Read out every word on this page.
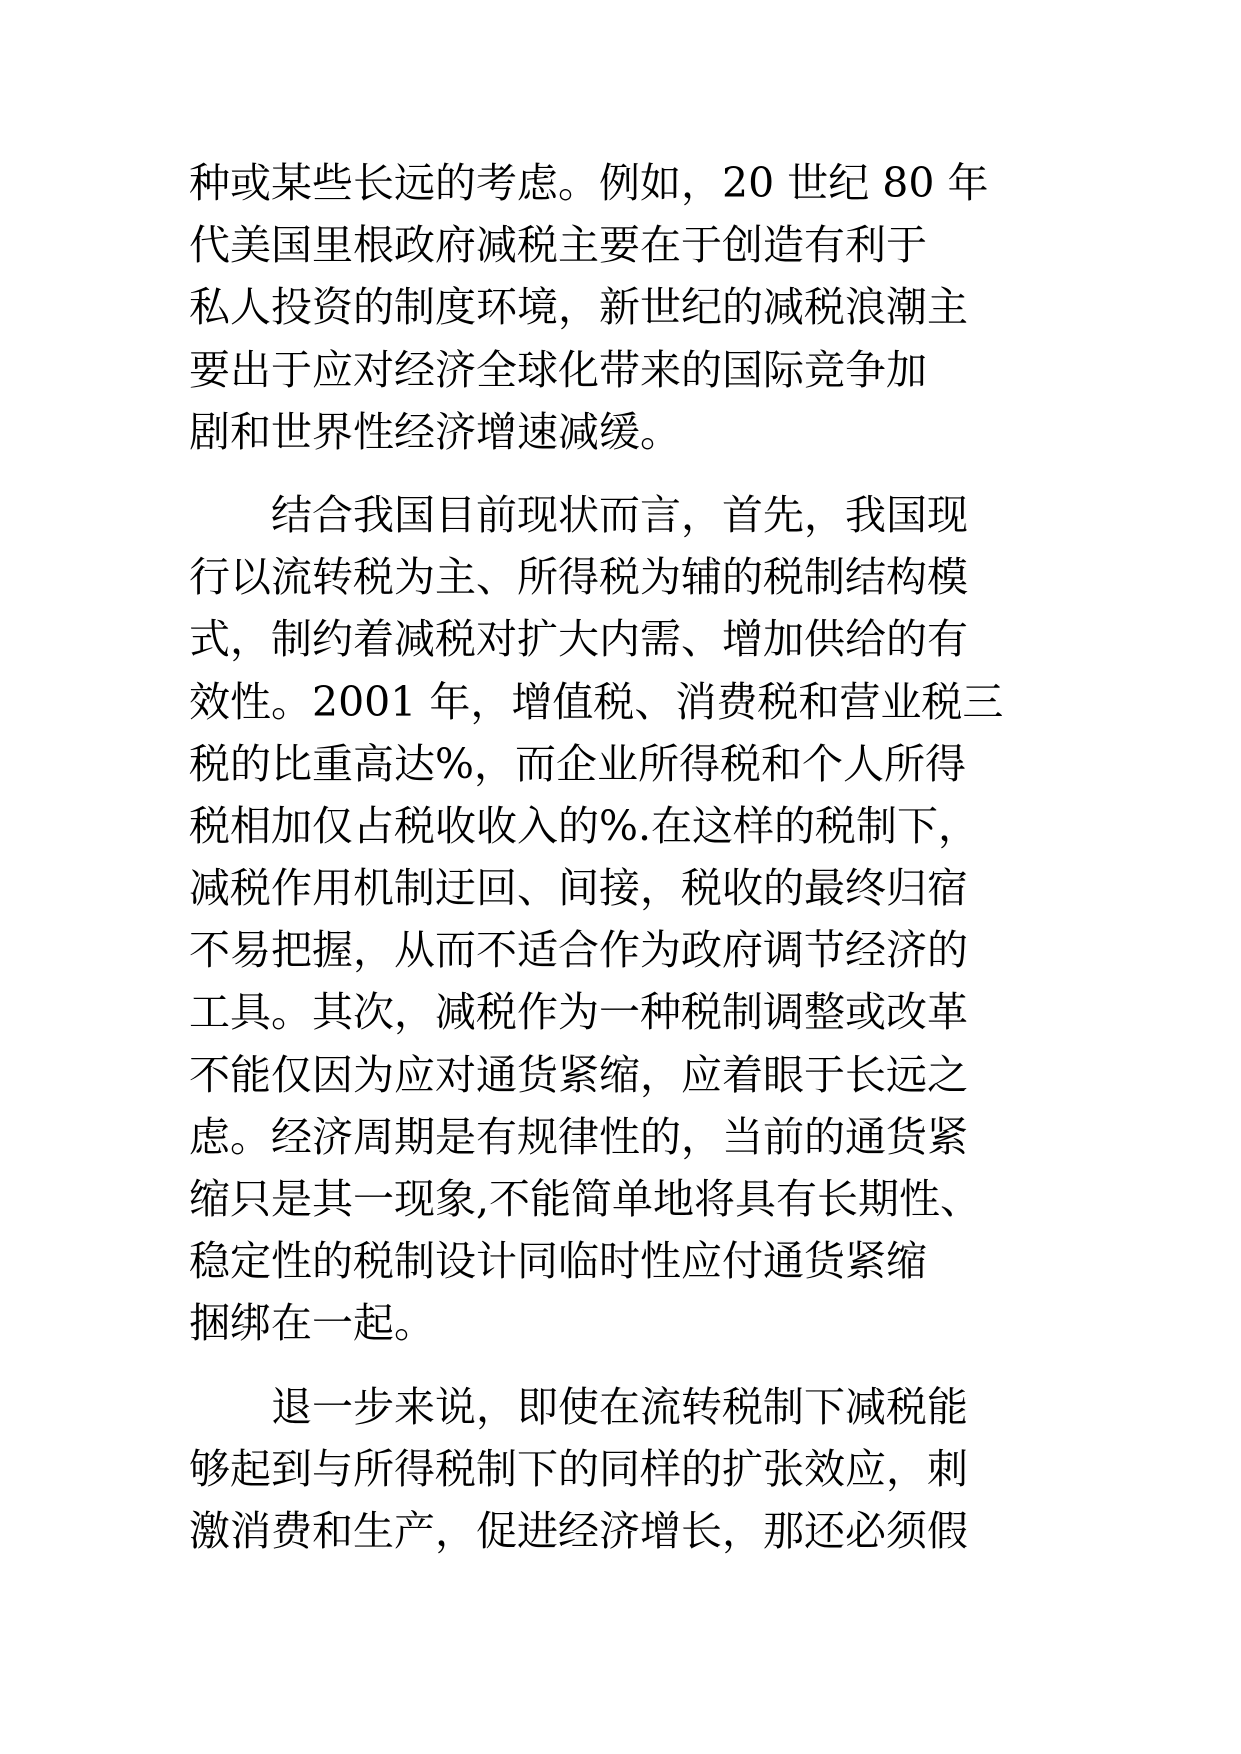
种或某些长远的考虑。例如，20 世纪 80 年
代美国里根政府减税主要在于创造有利于
私人投资的制度环境，新世纪的减税浪潮主
要出于应对经济全球化带来的国际竞争加
剧和世界性经济增速减缓。
　　结合我国目前现状而言，首先，我国现
行以流转税为主、所得税为辅的税制结构模
式，制约着减税对扩大内需、增加供给的有
效性。2001 年，增值税、消费税和营业税三
税的比重高达%，而企业所得税和个人所得
税相加仅占税收收入的%.在这样的税制下，
减税作用机制迂回、间接，税收的最终归宿
不易把握，从而不适合作为政府调节经济的
工具。其次，减税作为一种税制调整或改革
不能仅因为应对通货紧缩，应着眼于长远之
虑。经济周期是有规律性的，当前的通货紧
缩只是其一现象,不能简单地将具有长期性、
稳定性的税制设计同临时性应付通货紧缩
捆绑在一起。
　　退一步来说，即使在流转税制下减税能
够起到与所得税制下的同样的扩张效应，刺
激消费和生产，促进经济增长，那还必须假
